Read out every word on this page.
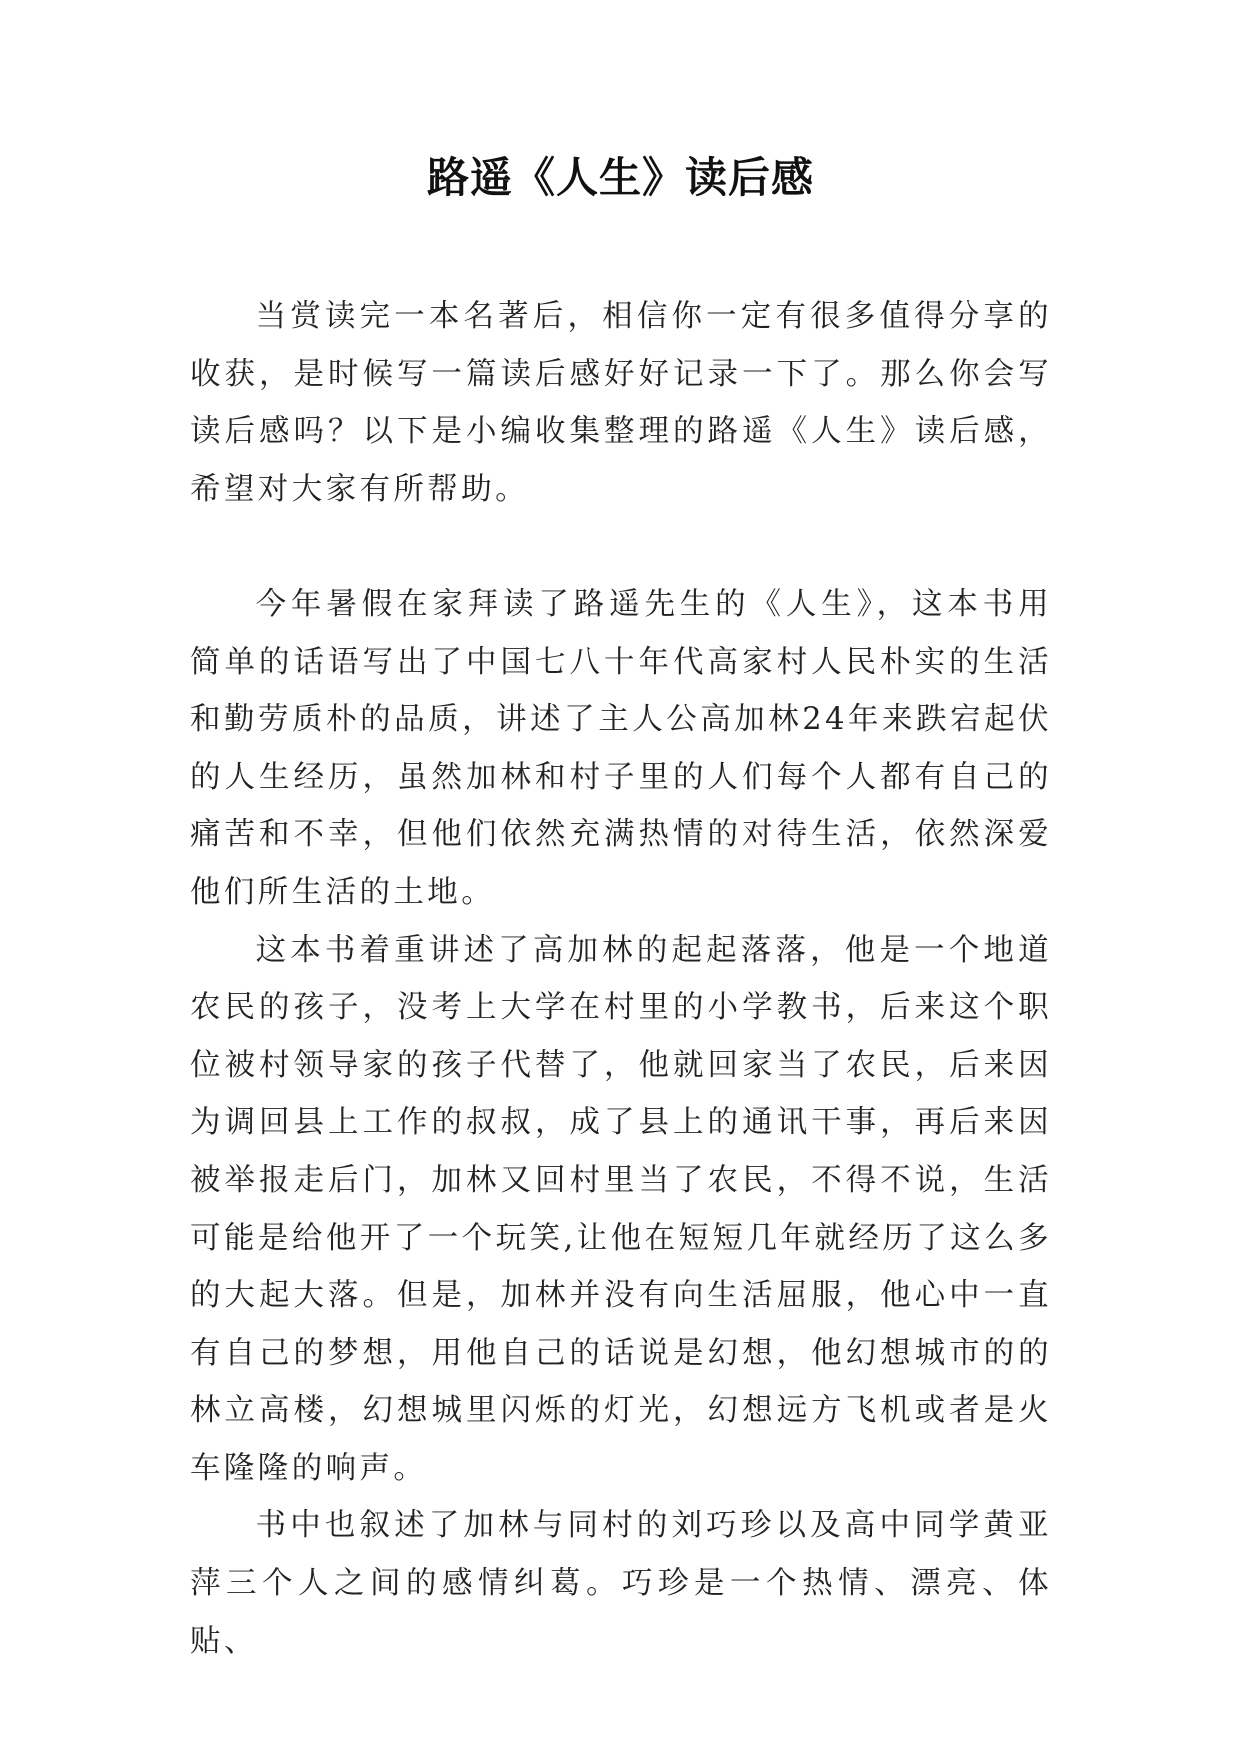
路遥《人生》读后感

当赏读完一本名著后，相信你一定有很多值得分享的收获，是时候写一篇读后感好好记录一下了。那么你会写读后感吗？以下是小编收集整理的路遥《人生》读后感，希望对大家有所帮助。

今年暑假在家拜读了路遥先生的《人生》，这本书用简单的话语写出了中国七八十年代高家村人民朴实的生活和勤劳质朴的品质，讲述了主人公高加林24年来跌宕起伏的人生经历，虽然加林和村子里的人们每个人都有自己的痛苦和不幸，但他们依然充满热情的对待生活，依然深爱他们所生活的土地。

这本书着重讲述了高加林的起起落落，他是一个地道农民的孩子，没考上大学在村里的小学教书，后来这个职位被村领导家的孩子代替了，他就回家当了农民，后来因为调回县上工作的叔叔，成了县上的通讯干事，再后来因被举报走后门，加林又回村里当了农民，不得不说，生活可能是给他开了一个玩笑,让他在短短几年就经历了这么多的大起大落。但是，加林并没有向生活屈服，他心中一直有自己的梦想，用他自己的话说是幻想，他幻想城市的的林立高楼，幻想城里闪烁的灯光，幻想远方飞机或者是火车隆隆的响声。

书中也叙述了加林与同村的刘巧珍以及高中同学黄亚萍三个人之间的感情纠葛。巧珍是一个热情、漂亮、体贴、
